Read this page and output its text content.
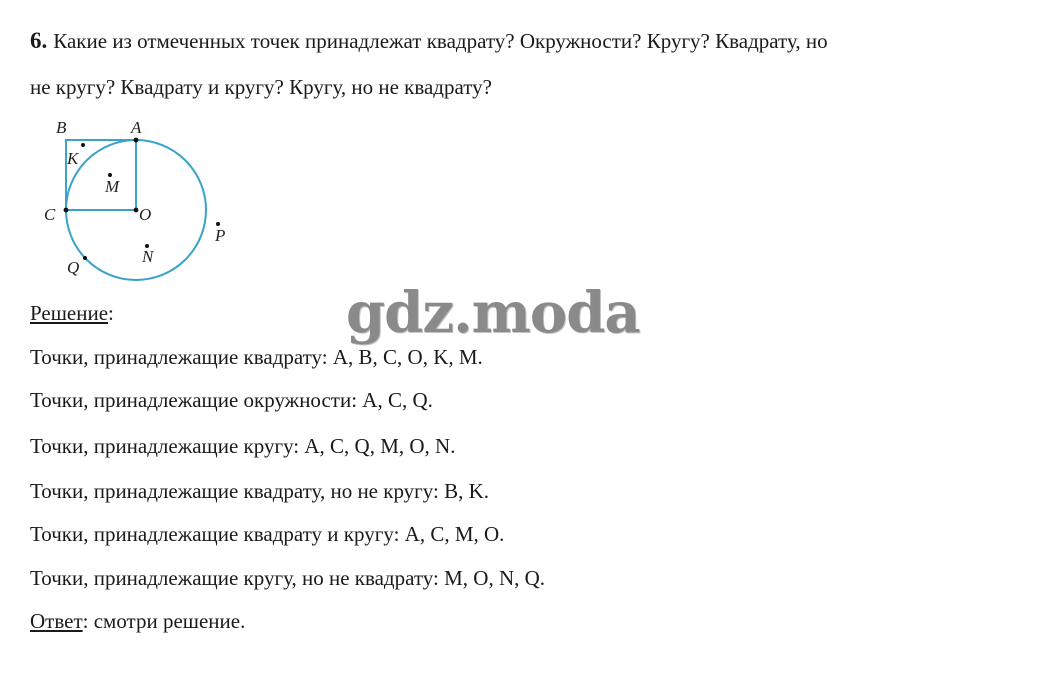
6. Какие из отмеченных точек принадлежат квадрату? Окружности? Кругу? Квадрату, но
не кругу? Квадрату и кругу? Кругу, но не квадрату?
B	A
K
M
C	O
P
N
Q
gdz.moda
Решение:
Точки, принадлежащие квадрату: A, B, C, O, K, M.
Точки, принадлежащие окружности: A, C, Q.
Точки, принадлежащие кругу: A, C, Q, M, O, N.
Точки, принадлежащие квадрату, но не кругу: B, K.
Точки, принадлежащие квадрату и кругу: A, C, M, O.
Точки, принадлежащие кругу, но не квадрату: M, O, N, Q.
Ответ: смотри решение.
